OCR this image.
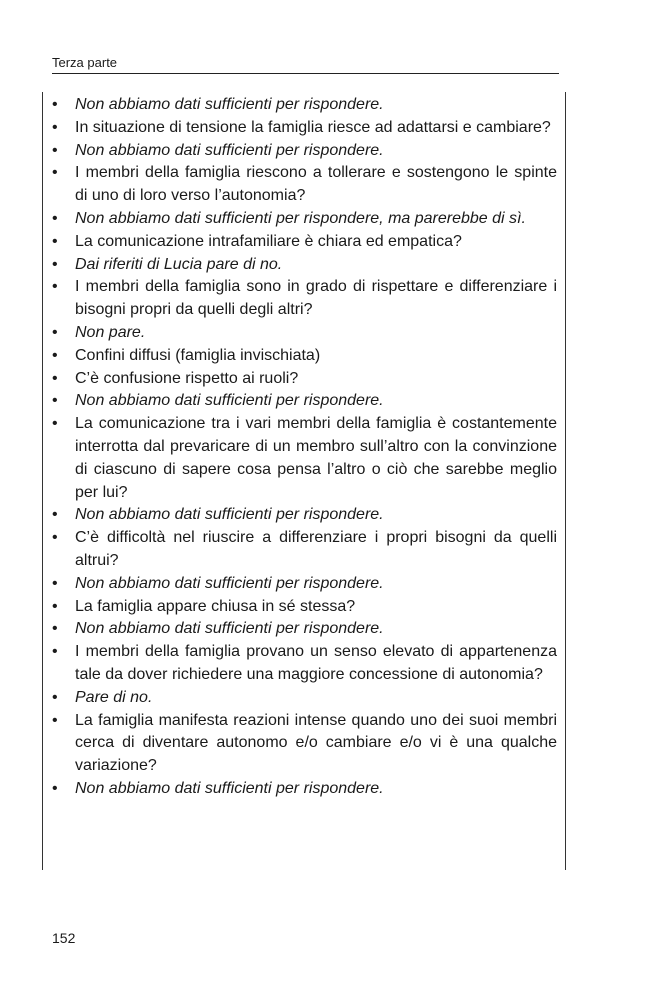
Terza parte
• Non abbiamo dati sufficienti per rispondere.
• In situazione di tensione la famiglia riesce ad adattarsi e cambiare?
• Non abbiamo dati sufficienti per rispondere.
• I membri della famiglia riescono a tollerare e sostengono le spinte di uno di loro verso l’autonomia?
• Non abbiamo dati sufficienti per rispondere, ma parerebbe di sì.
• La comunicazione intrafamiliare è chiara ed empatica?
• Dai riferiti di Lucia pare di no.
• I membri della famiglia sono in grado di rispettare e differenziare i bisogni propri da quelli degli altri?
• Non pare.
• Confini diffusi (famiglia invischiata)
• C’è confusione rispetto ai ruoli?
• Non abbiamo dati sufficienti per rispondere.
• La comunicazione tra i vari membri della famiglia è costantemente interrotta dal prevaricare di un membro sull’altro con la convinzione di ciascuno di sapere cosa pensa l’altro o ciò che sarebbe meglio per lui?
• Non abbiamo dati sufficienti per rispondere.
• C’è difficoltà nel riuscire a differenziare i propri bisogni da quelli altrui?
• Non abbiamo dati sufficienti per rispondere.
• La famiglia appare chiusa in sé stessa?
• Non abbiamo dati sufficienti per rispondere.
• I membri della famiglia provano un senso elevato di appartenenza tale da dover richiedere una maggiore concessione di autonomia?
• Pare di no.
• La famiglia manifesta reazioni intense quando uno dei suoi membri cerca di diventare autonomo e/o cambiare e/o vi è una qualche variazione?
• Non abbiamo dati sufficienti per rispondere.
152
